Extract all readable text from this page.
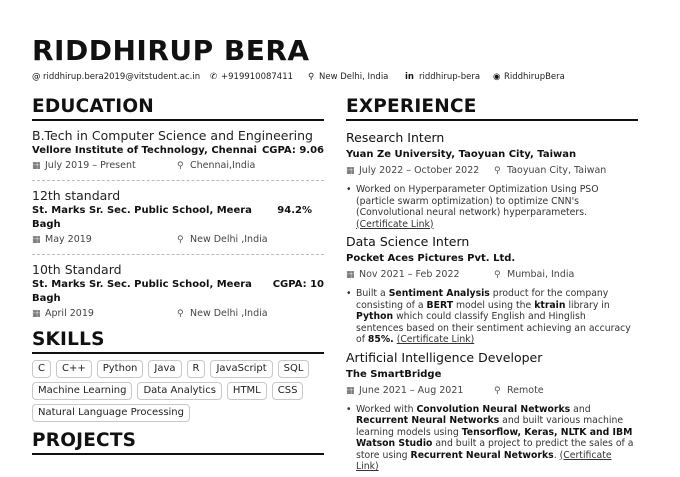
RIDDHIRUP BERA
@ riddhirup.bera2019@vitstudent.ac.in ✆ +919910087411 ⚲ New Delhi, India in riddhirup-bera ◉ RiddhirupBera
EDUCATION
B.Tech in Computer Science and Engineering
Vellore Institute of Technology, Chennai CGPA: 9.06
▦ July 2019 – Present	⚲ Chennai,India
12th standard
St. Marks Sr. Sec. Public School, Meera Bagh
94.2%
▦ May 2019	⚲ New Delhi ,India
10th Standard
St. Marks Sr. Sec. Public School, Meera Bagh
CGPA: 10
▦ April 2019	⚲ New Delhi ,India
SKILLS
C	C++	Python	Java	R	JavaScript	SQL
Machine Learning	Data Analytics	HTML	CSS
Natural Language Processing
PROJECTS
EXPERIENCE
Research Intern
Yuan Ze University, Taoyuan City, Taiwan
▦ July 2022 – October 2022	⚲ Taoyuan City, Taiwan
• Worked on Hyperparameter Optimization Using PSO (particle swarm optimization) to optimize CNN's (Convolutional neural network) hyperparameters.(Certificate Link)
Data Science Intern
Pocket Aces Pictures Pvt. Ltd.
▦ Nov 2021 – Feb 2022	⚲ Mumbai, India
• Built a Sentiment Analysis product for the company consisting of a BERT model using the ktrain library in Python which could classify English and Hinglish sentences based on their sentiment achieving an accuracy of 85%. (Certificate Link)
Artificial Intelligence Developer
The SmartBridge
▦ June 2021 – Aug 2021	⚲ Remote
• Worked with Convolution Neural Networks and Recurrent Neural Networks and built various machine learning models using Tensorflow, Keras, NLTK and IBM Watson Studio and built a project to predict the sales of a store using Recurrent Neural Networks. (Certificate Link)
